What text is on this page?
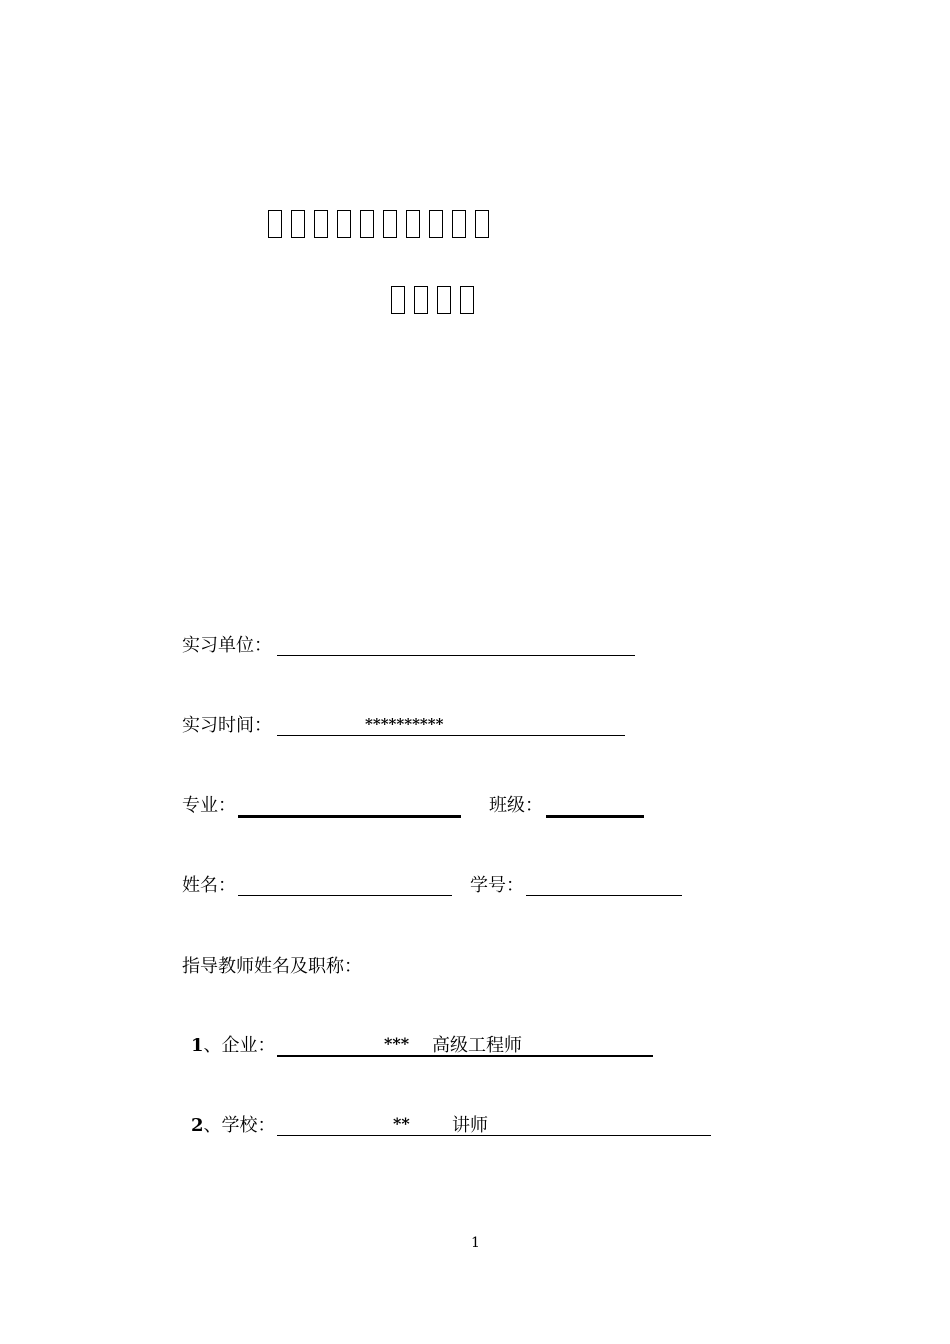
实习单位：
实习时间：	**********
专业：	班级：
姓名：	学号：
指导教师姓名及职称：
1、企业：	*** 高级工程师
2、学校：	** 讲师
1
